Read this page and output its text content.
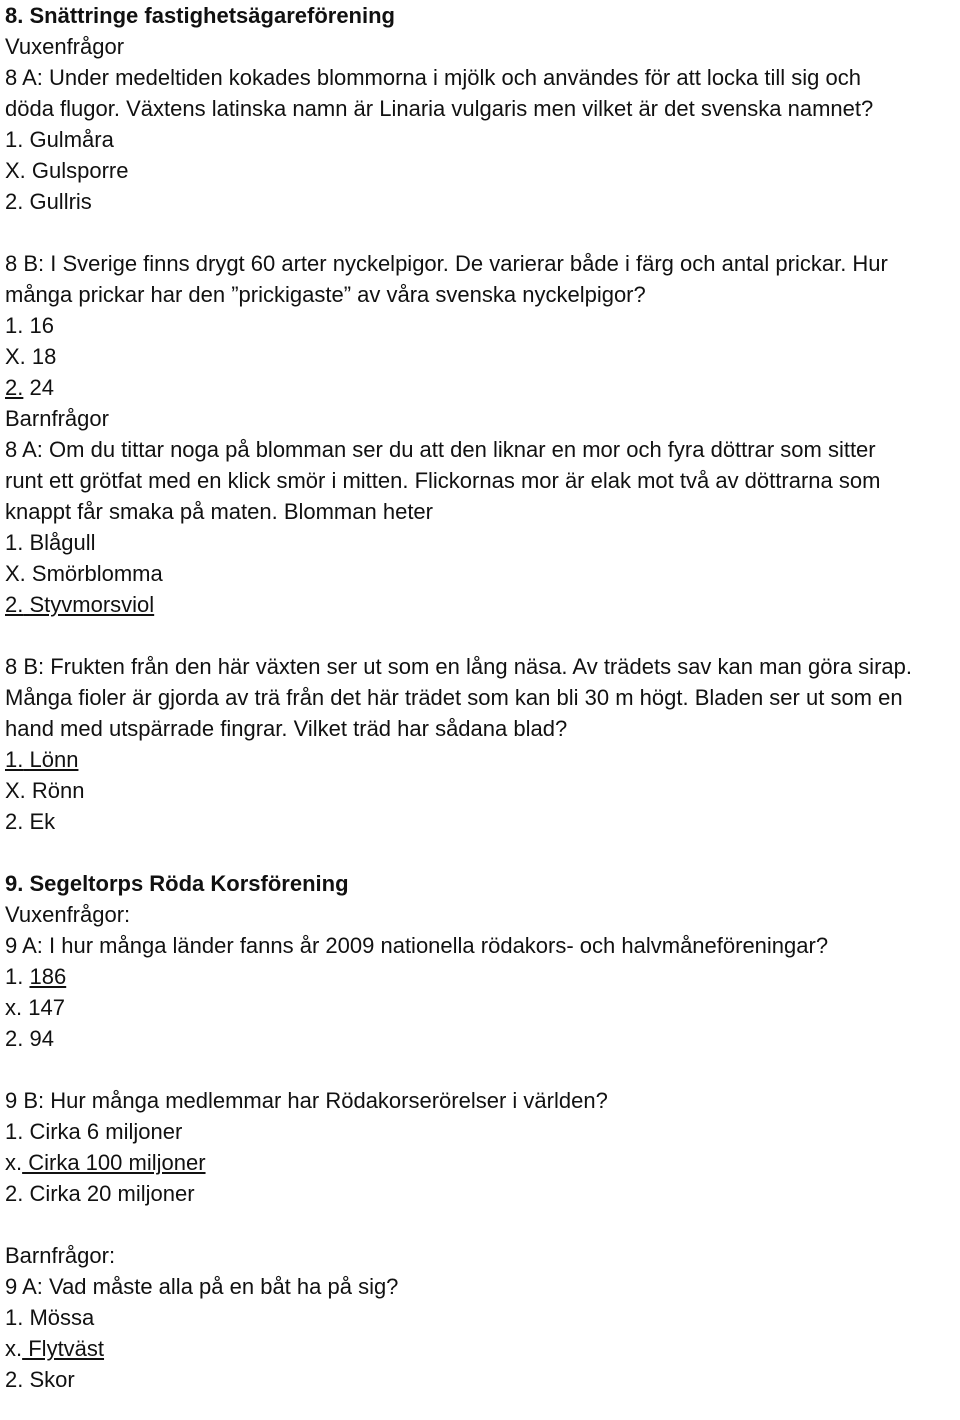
8. Snättringe fastighetsägareförening
Vuxenfrågor
8 A: Under medeltiden kokades blommorna i mjölk och användes för att locka till sig och
döda flugor. Växtens latinska namn är Linaria vulgaris men vilket är det svenska namnet?
1. Gulmåra
X. Gulsporre
2. Gullris
8 B: I Sverige finns drygt 60 arter nyckelpigor. De varierar både i färg och antal prickar. Hur
många prickar har den ”prickigaste” av våra svenska nyckelpigor?
1. 16
X. 18
2. 24
Barnfrågor
8 A: Om du tittar noga på blomman ser du att den liknar en mor och fyra döttrar som sitter
runt ett grötfat med en klick smör i mitten. Flickornas mor är elak mot två av döttrarna som
knappt får smaka på maten. Blomman heter
1. Blågull
X. Smörblomma
2. Styvmorsviol
8 B: Frukten från den här växten ser ut som en lång näsa. Av trädets sav kan man göra sirap.
Många fioler är gjorda av trä från det här trädet som kan bli 30 m högt. Bladen ser ut som en
hand med utspärrade fingrar. Vilket träd har sådana blad?
1. Lönn
X. Rönn
2. Ek
9. Segeltorps Röda Korsförening
Vuxenfrågor:
9 A: I hur många länder fanns år 2009 nationella rödakors- och halvmåneföreningar?
1. 186
x. 147
2. 94
9 B: Hur många medlemmar har Rödakorserörelser i världen?
1. Cirka 6 miljoner
x. Cirka 100 miljoner
2. Cirka 20 miljoner
Barnfrågor:
9 A: Vad måste alla på en båt ha på sig?
1. Mössa
x. Flytväst
2. Skor
